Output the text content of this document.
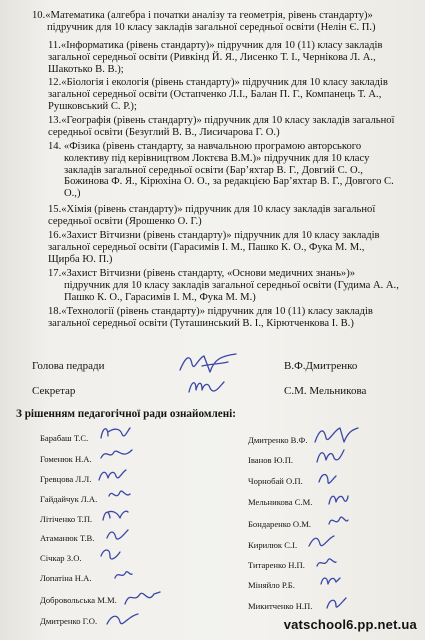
10.«Математика (алгебра і початки аналізу та геометрія, рівень стандарту)»
підручник для 10 класу закладів загальної середньої освіти (Нелін Є. П.)
11.«Інформатика (рівень стандарту)» підручник для 10 (11) класу закладів
загальної середньої освіти (Ривкінд Й. Я., Лисенко Т. І., Чернікова Л. А.,
Шакотько В. В.);
12.«Біологія і екологія (рівень стандарту)» підручник для 10 класу закладів
загальної середньої освіти (Остапченко Л.І., Балан П. Г., Компанець Т. А.,
Рушковський С. Р.);
13.«Географія (рівень стандарту)» підручник для 10 класу закладів загальної
середньої освіти (Безуглий В. В., Лисичарова Г. О.)
14. «Фізика (рівень стандарту, за навчальною програмою авторського
колективу під керівництвом Локтєва В.М.)» підручник для 10 класу
закладів загальної середньої освіти (Бар’яхтар В. Г., Довгий С. О.,
Божинова Ф. Я., Кірюхіна О. О., за редакцією Бар’яхтар В. Г., Довгого С.
О.,)
15.«Хімія (рівень стандарту)» підручник для 10 класу закладів загальної
середньої освіти (Ярошенко О. Г.)
16.«Захист Вітчизни (рівень стандарту)» підручник для 10 класу закладів
загальної середньої освіти (Гарасимів І. М., Пашко К. О., Фука М. М.,
Щирба Ю. П.)
17.«Захист Вітчизни (рівень стандарту, «Основи медичних знань»)»
підручник для 10 класу закладів загальної середньої освіти (Гудима А. А.,
Пашко К. О., Гарасимів І. М., Фука М. М.)
18.«Технології (рівень стандарту)» підручник для 10 (11) класу закладів
загальної середньої освіти (Туташинський В. І., Кірютченкова І. В.)
Голова педради	В.Ф.Дмитренко
Секретар	С.М. Мельникова
З рішенням педагогічної ради ознайомлені:
Барабаш Т.С.
Гоменюк Н.А.
Гревцова Л.Л.
Гайдайчук Л.А.
Літіченко Т.П.
Атаманюк Т.В.
Січкар З.О.
Лопатіна Н.А.
Добровольська М.М.
Дмитренко Г.О.
Дмитренко В.Ф.
Іванов Ю.П.
Чорнобай О.П.
Мельникова С.М.
Бондаренко О.М.
Кирилюк С.І.
Титаренко Н.П.
Міняйло Р.Б.
Микитченко Н.П.
vatschool6.pp.net.ua
